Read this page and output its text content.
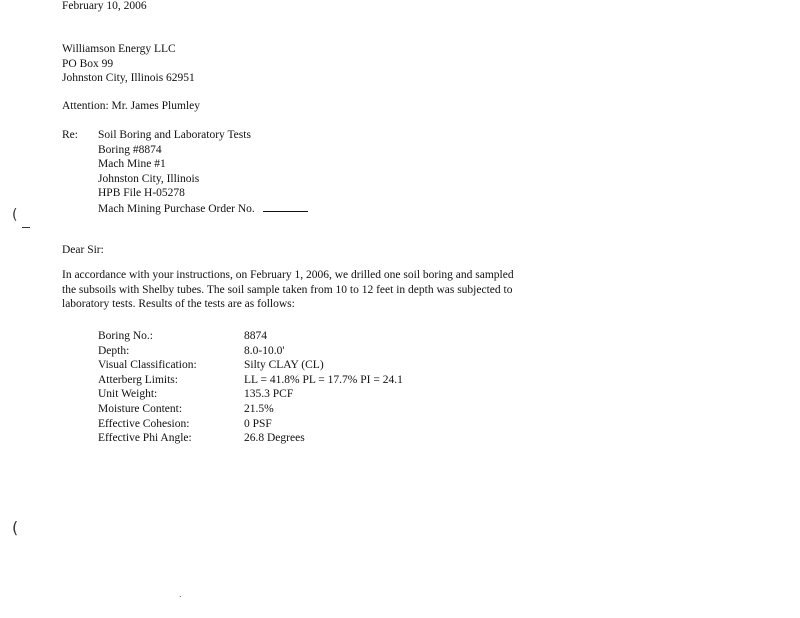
February 10, 2006
Williamson Energy LLC
PO Box 99
Johnston City, Illinois 62951
Attention: Mr. James Plumley
Re: Soil Boring and Laboratory Tests
Boring #8874
Mach Mine #1
Johnston City, Illinois
HPB File H-05278
Mach Mining Purchase Order No.
Dear Sir:
In accordance with your instructions, on February 1, 2006, we drilled one soil boring and sampled
the subsoils with Shelby tubes. The soil sample taken from 10 to 12 feet in depth was subjected to
laboratory tests. Results of the tests are as follows:
Boring No.:	8874
Depth:	8.0-10.0'
Visual Classification:	Silty CLAY (CL)
Atterberg Limits:	LL = 41.8% PL = 17.7% PI = 24.1
Unit Weight:	135.3 PCF
Moisture Content:	21.5%
Effective Cohesion:	0 PSF
Effective Phi Angle:	26.8 Degrees
(
(
.
